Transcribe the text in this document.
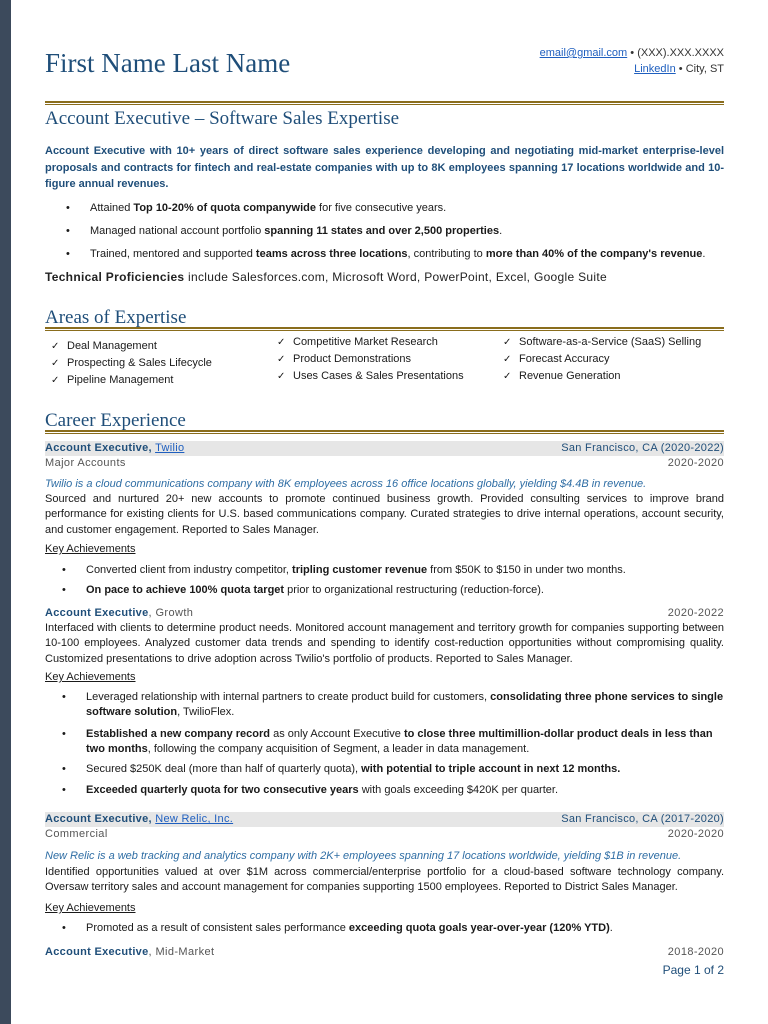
First Name Last Name	email@gmail.com • (XXX).XXX.XXXX
LinkedIn • City, ST
Account Executive – Software Sales Expertise
Account Executive with 10+ years of direct software sales experience developing and negotiating mid-market enterprise-level proposals and contracts for fintech and real-estate companies with up to 8K employees spanning 17 locations worldwide and 10-figure annual revenues.
• Attained Top 10-20% of quota companywide for five consecutive years.
• Managed national account portfolio spanning 11 states and over 2,500 properties.
• Trained, mentored and supported teams across three locations, contributing to more than 40% of the company's revenue.
Technical Proficiencies include Salesforces.com, Microsoft Word, PowerPoint, Excel, Google Suite
Areas of Expertise
✓ Deal Management
✓ Prospecting & Sales Lifecycle
✓ Pipeline Management
✓ Competitive Market Research
✓ Product Demonstrations
✓ Uses Cases & Sales Presentations
✓ Software-as-a-Service (SaaS) Selling
✓ Forecast Accuracy
✓ Revenue Generation
Career Experience
Account Executive, Twilio	San Francisco, CA (2020-2022)
Major Accounts	2020-2020
Twilio is a cloud communications company with 8K employees across 16 office locations globally, yielding $4.4B in revenue.
Sourced and nurtured 20+ new accounts to promote continued business growth. Provided consulting services to improve brand performance for existing clients for U.S. based communications company. Curated strategies to drive internal operations, account security, and customer engagement. Reported to Sales Manager.
Key Achievements
• Converted client from industry competitor, tripling customer revenue from $50K to $150 in under two months.
• On pace to achieve 100% quota target prior to organizational restructuring (reduction-force).
Account Executive, Growth	2020-2022
Interfaced with clients to determine product needs. Monitored account management and territory growth for companies supporting between 10-100 employees. Analyzed customer data trends and spending to identify cost-reduction opportunities without compromising quality. Customized presentations to drive adoption across Twilio's portfolio of products. Reported to Sales Manager.
Key Achievements
• Leveraged relationship with internal partners to create product build for customers, consolidating three phone services to single software solution, TwilioFlex.
• Established a new company record as only Account Executive to close three multimillion-dollar product deals in less than two months, following the company acquisition of Segment, a leader in data management.
• Secured $250K deal (more than half of quarterly quota), with potential to triple account in next 12 months.
• Exceeded quarterly quota for two consecutive years with goals exceeding $420K per quarter.
Account Executive, New Relic, Inc.	San Francisco, CA (2017-2020)
Commercial	2020-2020
New Relic is a web tracking and analytics company with 2K+ employees spanning 17 locations worldwide, yielding $1B in revenue.
Identified opportunities valued at over $1M across commercial/enterprise portfolio for a cloud-based software technology company. Oversaw territory sales and account management for companies supporting 1500 employees. Reported to District Sales Manager.
Key Achievements
• Promoted as a result of consistent sales performance exceeding quota goals year-over-year (120% YTD).
Account Executive, Mid-Market	2018-2020
Page 1 of 2
